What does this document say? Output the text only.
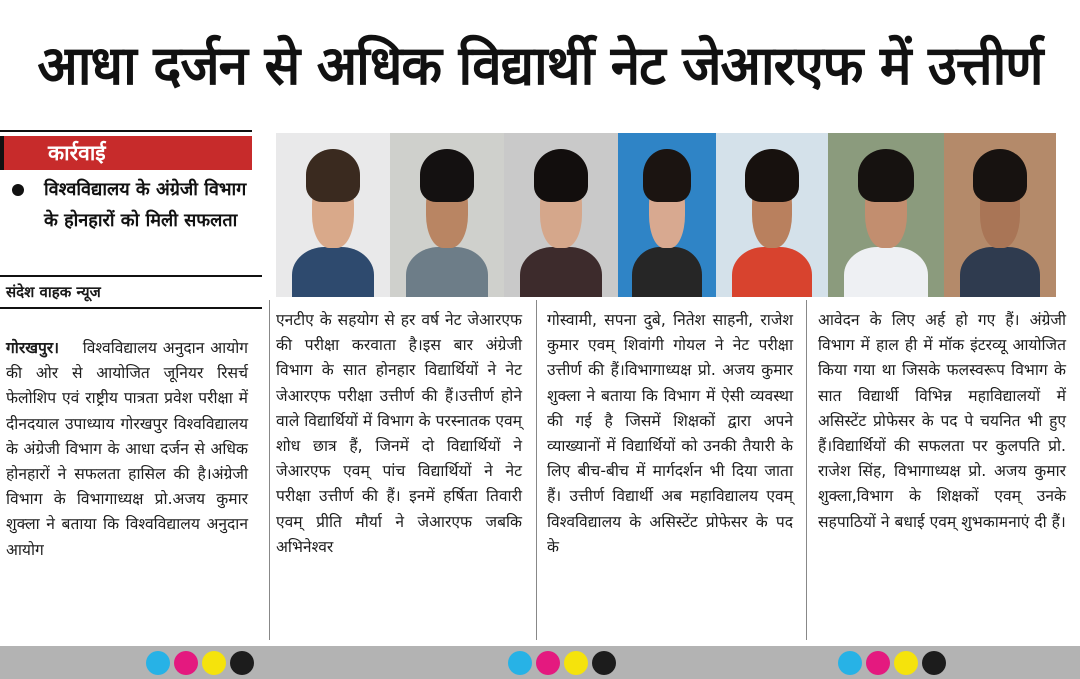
आधा दर्जन से अधिक विद्यार्थी नेट जेआरएफ में उत्तीर्ण
कार्रवाई
विश्वविद्यालय के अंग्रेजी विभाग के होनहारों को मिली सफलता
संदेश वाहक न्यूज

गोरखपुर। विश्वविद्यालय अनुदान आयोग की ओर से आयोजित जूनियर रिसर्च फेलोशिप एवं राष्ट्रीय पात्रता प्रवेश परीक्षा में दीनदयाल उपाध्याय गोरखपुर विश्वविद्यालय के अंग्रेजी विभाग के आधा दर्जन से अधिक होनहारों ने सफलता हासिल की है।अंग्रेजी विभाग के विभागाध्यक्ष प्रो.अजय कुमार शुक्ला ने बताया कि विश्वविद्यालय अनुदान आयोग

एनटीए के सहयोग से हर वर्ष नेट जेआरएफ की परीक्षा करवाता है।इस बार अंग्रेजी विभाग के सात होनहार विद्यार्थियों ने नेट जेआरएफ परीक्षा उत्तीर्ण की हैं।उत्तीर्ण होने वाले विद्यार्थियों में विभाग के परस्नातक एवम् शोध छात्र हैं, जिनमें दो विद्यार्थियों ने जेआरएफ एवम् पांच विद्यार्थियों ने नेट परीक्षा उत्तीर्ण की हैं। इनमें हर्षिता तिवारी एवम् प्रीति मौर्या ने जेआरएफ जबकि अभिनेश्वर

गोस्वामी, सपना दुबे, नितेश साहनी, राजेश कुमार एवम् शिवांगी गोयल ने नेट परीक्षा उत्तीर्ण की हैं।विभागाध्यक्ष प्रो. अजय कुमार शुक्ला ने बताया कि विभाग में ऐसी व्यवस्था की गई है जिसमें शिक्षकों द्वारा अपने व्याख्यानों में विद्यार्थियों को उनकी तैयारी के लिए बीच-बीच में मार्गदर्शन भी दिया जाता हैं। उत्तीर्ण विद्यार्थी अब महाविद्यालय एवम् विश्वविद्यालय के असिस्टेंट प्रोफेसर के पद के

आवेदन के लिए अर्ह हो गए हैं। अंग्रेजी विभाग में हाल ही में मॉक इंटरव्यू आयोजित किया गया था जिसके फलस्वरूप विभाग के सात विद्यार्थी विभिन्न महाविद्यालयों में असिस्टेंट प्रोफेसर के पद पे चयनित भी हुए हैं।विद्यार्थियों की सफलता पर कुलपति प्रो. राजेश सिंह, विभागाध्यक्ष प्रो. अजय कुमार शुक्ला,विभाग के शिक्षकों एवम् उनके सहपाठियों ने बधाई एवम् शुभकामनाएं दी हैं।
